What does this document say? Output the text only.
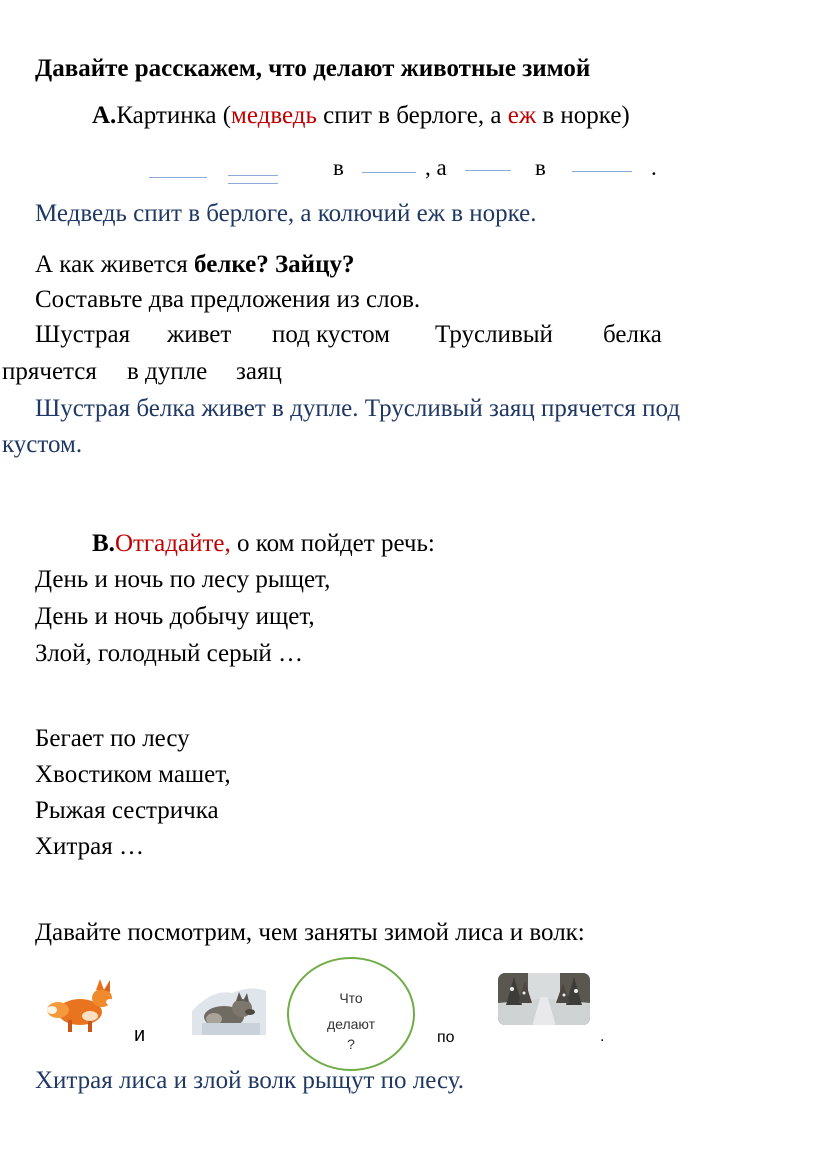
Давайте расскажем, что делают животные зимой
А.Картинка (медведь спит в берлоге, а еж в норке)
в	, а	в	.
Медведь спит в берлоге, а колючий еж в норке.
А как живется белке? Зайцу?
Составьте два предложения из слов.
Шустрая живет под кустом Трусливый белка
прячется в дупле заяц
Шустрая белка живет в дупле. Трусливый заяц прячется под
кустом.
В.Отгадайте, о ком пойдет речь:
День и ночь по лесу рыщет,
День и ночь добычу ищет,
Злой, голодный серый …
Бегает по лесу
Хвостиком машет,
Рыжая сестричка
Хитрая …
Давайте посмотрим, чем заняты зимой лиса и волк:
Что
делают
?
и	по	.
Хитрая лиса и злой волк рыщут по лесу.
